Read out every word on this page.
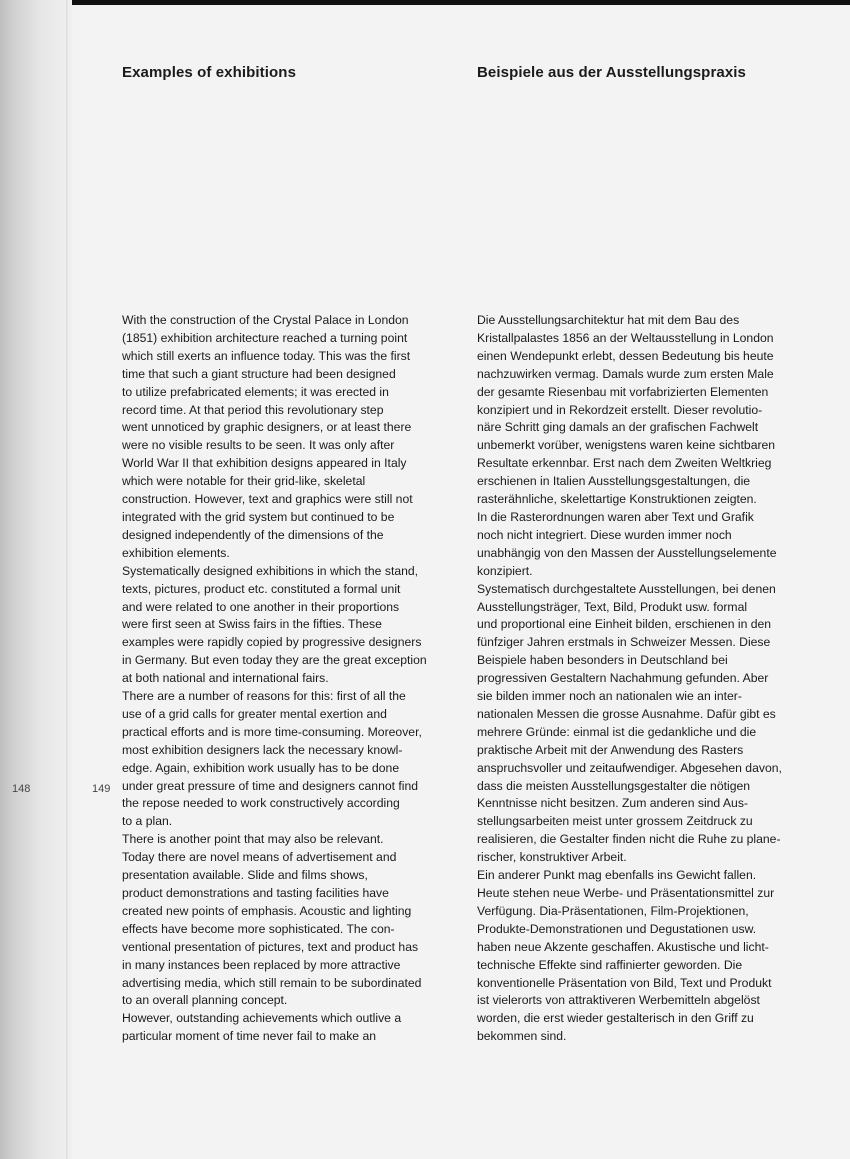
Examples of exhibitions	Beispiele aus der Ausstellungspraxis
148	149
With the construction of the Crystal Palace in London
(1851) exhibition architecture reached a turning point
which still exerts an influence today. This was the first
time that such a giant structure had been designed
to utilize prefabricated elements; it was erected in
record time. At that period this revolutionary step
went unnoticed by graphic designers, or at least there
were no visible results to be seen. It was only after
World War II that exhibition designs appeared in Italy
which were notable for their grid-like, skeletal
construction. However, text and graphics were still not
integrated with the grid system but continued to be
designed independently of the dimensions of the
exhibition elements.
Systematically designed exhibitions in which the stand,
texts, pictures, product etc. constituted a formal unit
and were related to one another in their proportions
were first seen at Swiss fairs in the fifties. These
examples were rapidly copied by progressive designers
in Germany. But even today they are the great exception
at both national and international fairs.
There are a number of reasons for this: first of all the
use of a grid calls for greater mental exertion and
practical efforts and is more time-consuming. Moreover,
most exhibition designers lack the necessary knowl-
edge. Again, exhibition work usually has to be done
under great pressure of time and designers cannot find
the repose needed to work constructively according
to a plan.
There is another point that may also be relevant.
Today there are novel means of advertisement and
presentation available. Slide and films shows,
product demonstrations and tasting facilities have
created new points of emphasis. Acoustic and lighting
effects have become more sophisticated. The con-
ventional presentation of pictures, text and product has
in many instances been replaced by more attractive
advertising media, which still remain to be subordinated
to an overall planning concept.
However, outstanding achievements which outlive a
particular moment of time never fail to make an
Die Ausstellungsarchitektur hat mit dem Bau des
Kristallpalastes 1856 an der Weltausstellung in London
einen Wendepunkt erlebt, dessen Bedeutung bis heute
nachzuwirken vermag. Damals wurde zum ersten Male
der gesamte Riesenbau mit vorfabrizierten Elementen
konzipiert und in Rekordzeit erstellt. Dieser revolutio-
näre Schritt ging damals an der grafischen Fachwelt
unbemerkt vorüber, wenigstens waren keine sichtbaren
Resultate erkennbar. Erst nach dem Zweiten Weltkrieg
erschienen in Italien Ausstellungsgestaltungen, die
rasterähnliche, skelettartige Konstruktionen zeigten.
In die Rasterordnungen waren aber Text und Grafik
noch nicht integriert. Diese wurden immer noch
unabhängig von den Massen der Ausstellungselemente
konzipiert.
Systematisch durchgestaltete Ausstellungen, bei denen
Ausstellungsträger, Text, Bild, Produkt usw. formal
und proportional eine Einheit bilden, erschienen in den
fünfziger Jahren erstmals in Schweizer Messen. Diese
Beispiele haben besonders in Deutschland bei
progressiven Gestaltern Nachahmung gefunden. Aber
sie bilden immer noch an nationalen wie an inter-
nationalen Messen die grosse Ausnahme. Dafür gibt es
mehrere Gründe: einmal ist die gedankliche und die
praktische Arbeit mit der Anwendung des Rasters
anspruchsvoller und zeitaufwendiger. Abgesehen davon,
dass die meisten Ausstellungsgestalter die nötigen
Kenntnisse nicht besitzen. Zum anderen sind Aus-
stellungsarbeiten meist unter grossem Zeitdruck zu
realisieren, die Gestalter finden nicht die Ruhe zu plane-
rischer, konstruktiver Arbeit.
Ein anderer Punkt mag ebenfalls ins Gewicht fallen.
Heute stehen neue Werbe- und Präsentationsmittel zur
Verfügung. Dia-Präsentationen, Film-Projektionen,
Produkte-Demonstrationen und Degustationen usw.
haben neue Akzente geschaffen. Akustische und licht-
technische Effekte sind raffinierter geworden. Die
konventionelle Präsentation von Bild, Text und Produkt
ist vielerorts von attraktiveren Werbemitteln abgelöst
worden, die erst wieder gestalterisch in den Griff zu
bekommen sind.
